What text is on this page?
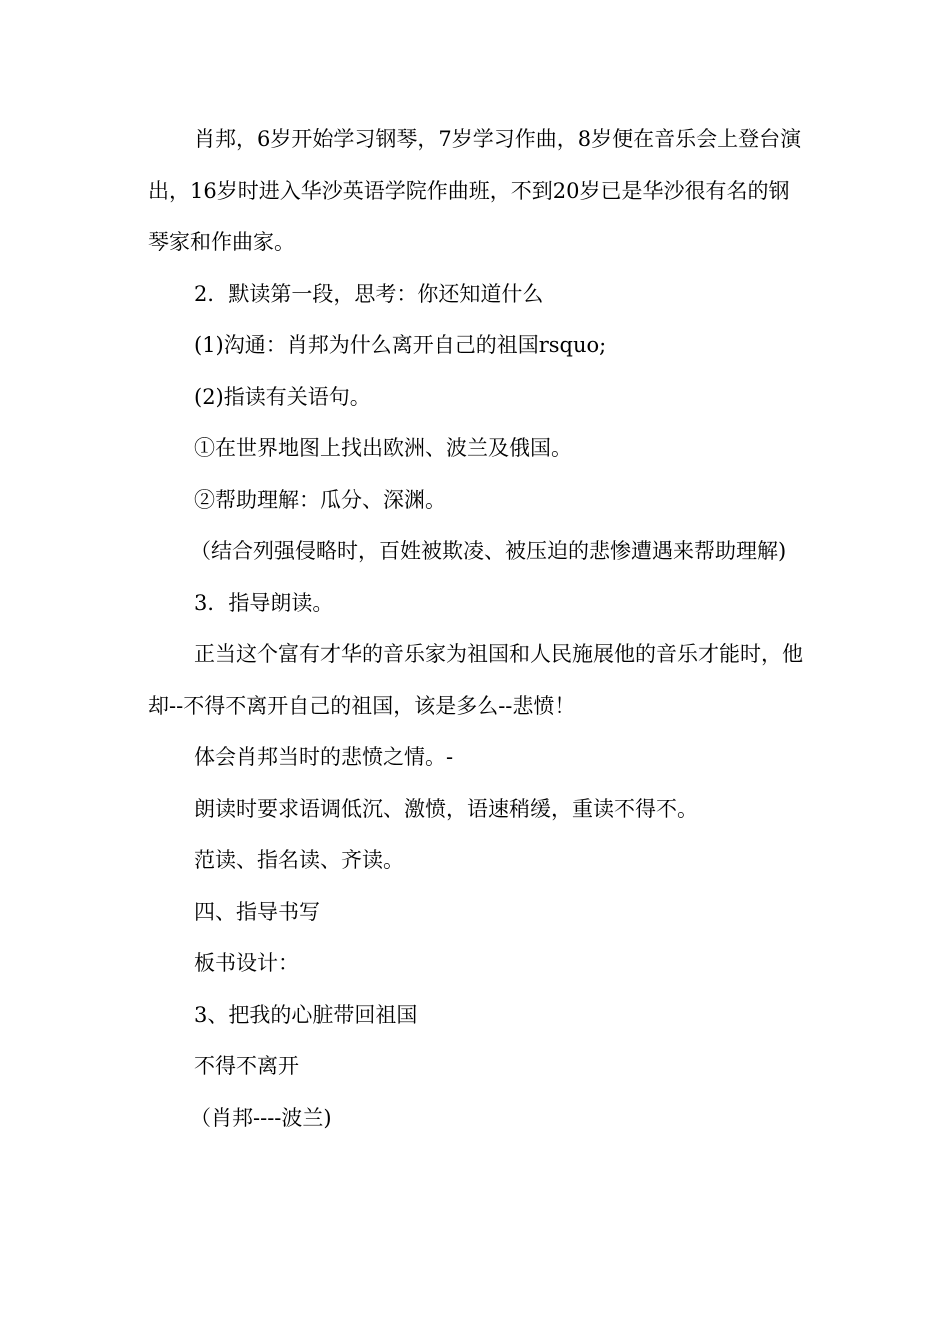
肖邦，6岁开始学习钢琴，7岁学习作曲，8岁便在音乐会上登台演出，16岁时进入华沙英语学院作曲班，不到20岁已是华沙很有名的钢琴家和作曲家。

2．默读第一段，思考：你还知道什么

(1)沟通：肖邦为什么离开自己的祖国rsquo;

(2)指读有关语句。

①在世界地图上找出欧洲、波兰及俄国。

②帮助理解：瓜分、深渊。

（结合列强侵略时，百姓被欺凌、被压迫的悲惨遭遇来帮助理解)

3．指导朗读。

正当这个富有才华的音乐家为祖国和人民施展他的音乐才能时，他却--不得不离开自己的祖国，该是多么--悲愤！

体会肖邦当时的悲愤之情。-

朗读时要求语调低沉、激愤，语速稍缓，重读不得不。

范读、指名读、齐读。

四、指导书写

板书设计：

3、把我的心脏带回祖国

不得不离开

（肖邦----波兰)
